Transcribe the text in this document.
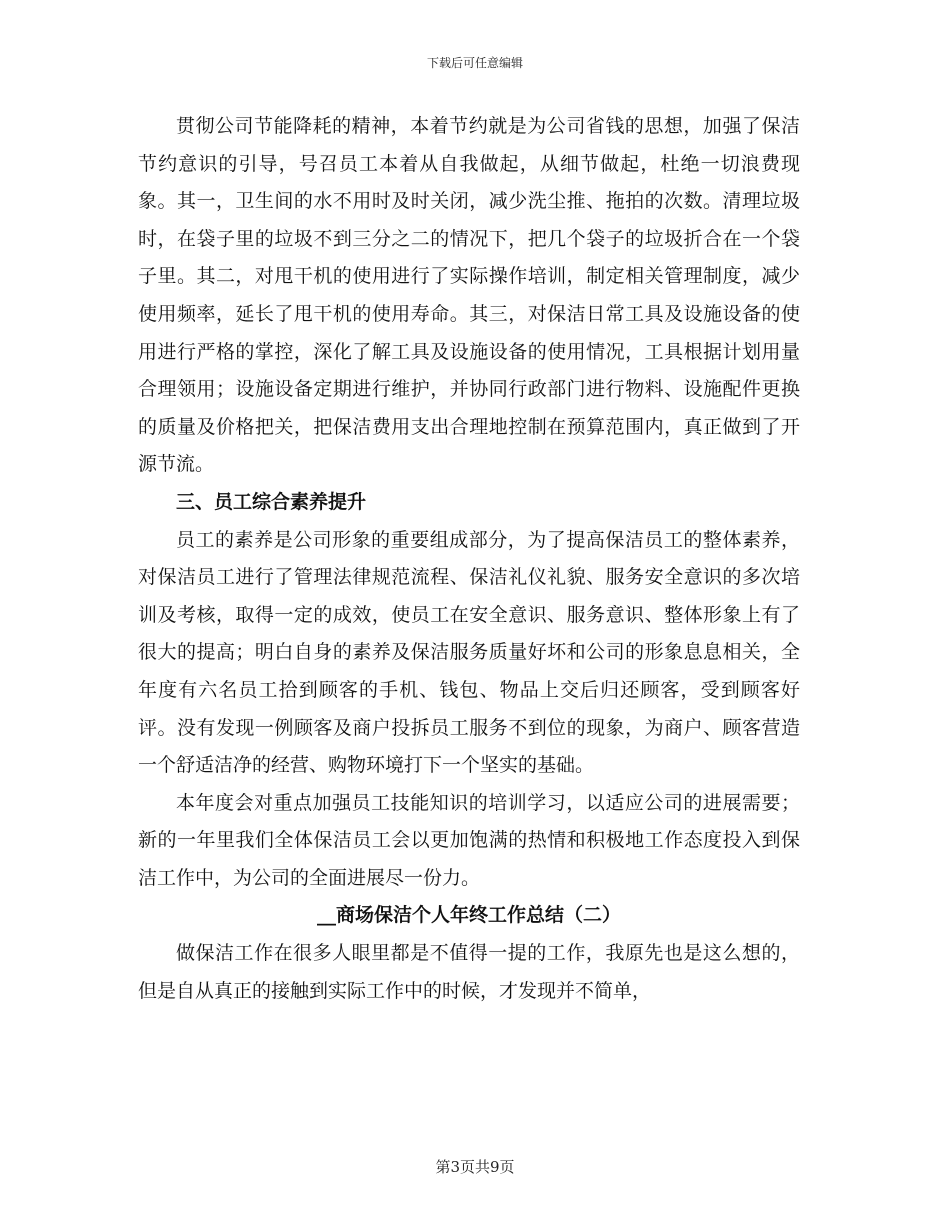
下载后可任意编辑

贯彻公司节能降耗的精神，本着节约就是为公司省钱的思想，加强了保洁节约意识的引导，号召员工本着从自我做起，从细节做起，杜绝一切浪费现象。其一，卫生间的水不用时及时关闭，减少洗尘推、拖拍的次数。清理垃圾时，在袋子里的垃圾不到三分之二的情况下，把几个袋子的垃圾折合在一个袋子里。其二，对甩干机的使用进行了实际操作培训，制定相关管理制度，减少使用频率，延长了甩干机的使用寿命。其三，对保洁日常工具及设施设备的使用进行严格的掌控，深化了解工具及设施设备的使用情况，工具根据计划用量合理领用；设施设备定期进行维护，并协同行政部门进行物料、设施配件更换的质量及价格把关，把保洁费用支出合理地控制在预算范围内，真正做到了开源节流。

三、员工综合素养提升

员工的素养是公司形象的重要组成部分，为了提高保洁员工的整体素养，对保洁员工进行了管理法律规范流程、保洁礼仪礼貌、服务安全意识的多次培训及考核，取得一定的成效，使员工在安全意识、服务意识、整体形象上有了很大的提高；明白自身的素养及保洁服务质量好坏和公司的形象息息相关，全年度有六名员工拾到顾客的手机、钱包、物品上交后归还顾客，受到顾客好评。没有发现一例顾客及商户投拆员工服务不到位的现象，为商户、顾客营造一个舒适洁净的经营、购物环境打下一个坚实的基础。

本年度会对重点加强员工技能知识的培训学习，以适应公司的进展需要；新的一年里我们全体保洁员工会以更加饱满的热情和积极地工作态度投入到保洁工作中，为公司的全面进展尽一份力。

__商场保洁个人年终工作总结（二）

做保洁工作在很多人眼里都是不值得一提的工作，我原先也是这么想的，但是自从真正的接触到实际工作中的时候，才发现并不简单，

第3页共9页
